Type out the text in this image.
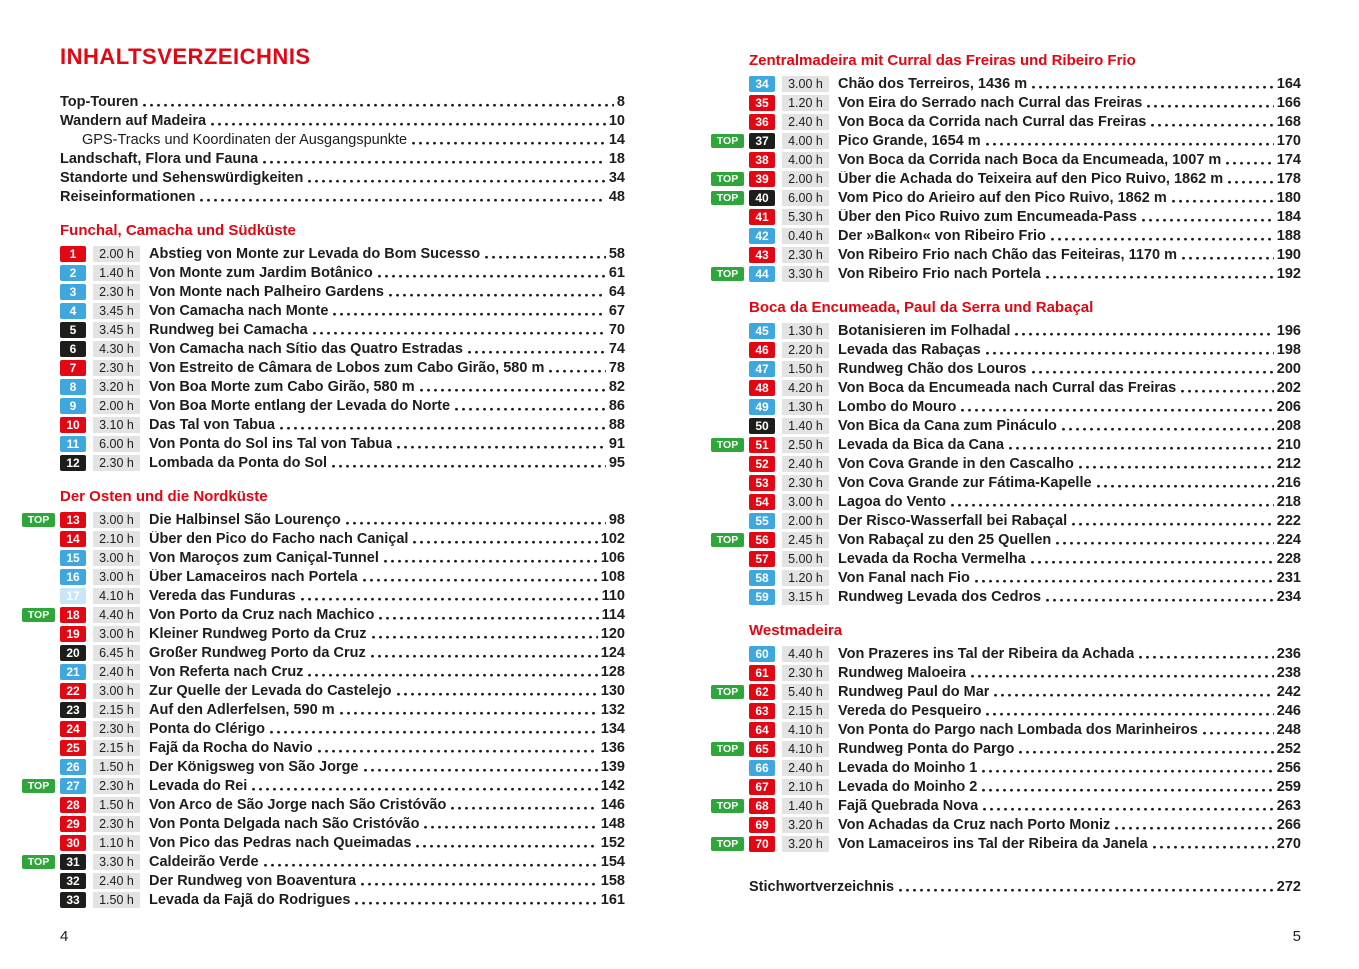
INHALTSVERZEICHNIS
Top-Touren	8
Wandern auf Madeira	10
GPS-Tracks und Koordinaten der Ausgangspunkte	14
Landschaft, Flora und Fauna	18
Standorte und Sehenswürdigkeiten	34
Reiseinformationen	48
Funchal, Camacha und Südküste
1	2.00 h	Abstieg von Monte zur Levada do Bom Sucesso	58
2	1.40 h	Von Monte zum Jardim Botânico	61
3	2.30 h	Von Monte nach Palheiro Gardens	64
4	3.45 h	Von Camacha nach Monte	67
5	3.45 h	Rundweg bei Camacha	70
6	4.30 h	Von Camacha nach Sítio das Quatro Estradas	74
7	2.30 h	Von Estreito de Câmara de Lobos zum Cabo Girão, 580 m	78
8	3.20 h	Von Boa Morte zum Cabo Girão, 580 m	82
9	2.00 h	Von Boa Morte entlang der Levada do Norte	86
10	3.10 h	Das Tal von Tabua	88
11	6.00 h	Von Ponta do Sol ins Tal von Tabua	91
12	2.30 h	Lombada da Ponta do Sol	95
Der Osten und die Nordküste
TOP	13	3.00 h	Die Halbinsel São Lourenço	98
14	2.10 h	Über den Pico do Facho nach Caniçal	102
15	3.00 h	Von Maroços zum Caniçal-Tunnel	106
16	3.00 h	Über Lamaceiros nach Portela	108
17	4.10 h	Vereda das Funduras	110
TOP	18	4.40 h	Von Porto da Cruz nach Machico	114
19	3.00 h	Kleiner Rundweg Porto da Cruz	120
20	6.45 h	Großer Rundweg Porto da Cruz	124
21	2.40 h	Von Referta nach Cruz	128
22	3.00 h	Zur Quelle der Levada do Castelejo	130
23	2.15 h	Auf den Adlerfelsen, 590 m	132
24	2.30 h	Ponta do Clérigo	134
25	2.15 h	Fajã da Rocha do Navio	136
26	1.50 h	Der Königsweg von São Jorge	139
TOP	27	2.30 h	Levada do Rei	142
28	1.50 h	Von Arco de São Jorge nach São Cristóvão	146
29	2.30 h	Von Ponta Delgada nach São Cristóvão	148
30	1.10 h	Von Pico das Pedras nach Queimadas	152
TOP	31	3.30 h	Caldeirão Verde	154
32	2.40 h	Der Rundweg von Boaventura	158
33	1.50 h	Levada da Fajã do Rodrigues	161
Zentralmadeira mit Curral das Freiras und Ribeiro Frio
34	3.00 h	Chão dos Terreiros, 1436 m	164
35	1.20 h	Von Eira do Serrado nach Curral das Freiras	166
36	2.40 h	Von Boca da Corrida nach Curral das Freiras	168
TOP	37	4.00 h	Pico Grande, 1654 m	170
38	4.00 h	Von Boca da Corrida nach Boca da Encumeada, 1007 m	174
TOP	39	2.00 h	Über die Achada do Teixeira auf den Pico Ruivo, 1862 m	178
TOP	40	6.00 h	Vom Pico do Arieiro auf den Pico Ruivo, 1862 m	180
41	5.30 h	Über den Pico Ruivo zum Encumeada-Pass	184
42	0.40 h	Der »Balkon« von Ribeiro Frio	188
43	2.30 h	Von Ribeiro Frio nach Chão das Feiteiras, 1170 m	190
TOP	44	3.30 h	Von Ribeiro Frio nach Portela	192
Boca da Encumeada, Paul da Serra und Rabaçal
45	1.30 h	Botanisieren im Folhadal	196
46	2.20 h	Levada das Rabaças	198
47	1.50 h	Rundweg Chão dos Louros	200
48	4.20 h	Von Boca da Encumeada nach Curral das Freiras	202
49	1.30 h	Lombo do Mouro	206
50	1.40 h	Von Bica da Cana zum Pináculo	208
TOP	51	2.50 h	Levada da Bica da Cana	210
52	2.40 h	Von Cova Grande in den Cascalho	212
53	2.30 h	Von Cova Grande zur Fátima-Kapelle	216
54	3.00 h	Lagoa do Vento	218
55	2.00 h	Der Risco-Wasserfall bei Rabaçal	222
TOP	56	2.45 h	Von Rabaçal zu den 25 Quellen	224
57	5.00 h	Levada da Rocha Vermelha	228
58	1.20 h	Von Fanal nach Fio	231
59	3.15 h	Rundweg Levada dos Cedros	234
Westmadeira
60	4.40 h	Von Prazeres ins Tal der Ribeira da Achada	236
61	2.30 h	Rundweg Maloeira	238
TOP	62	5.40 h	Rundweg Paul do Mar	242
63	2.15 h	Vereda do Pesqueiro	246
64	4.10 h	Von Ponta do Pargo nach Lombada dos Marinheiros	248
TOP	65	4.10 h	Rundweg Ponta do Pargo	252
66	2.40 h	Levada do Moinho 1	256
67	2.10 h	Levada do Moinho 2	259
TOP	68	1.40 h	Fajã Quebrada Nova	263
69	3.20 h	Von Achadas da Cruz nach Porto Moniz	266
TOP	70	3.20 h	Von Lamaceiros ins Tal der Ribeira da Janela	270
Stichwortverzeichnis	272
4	5
